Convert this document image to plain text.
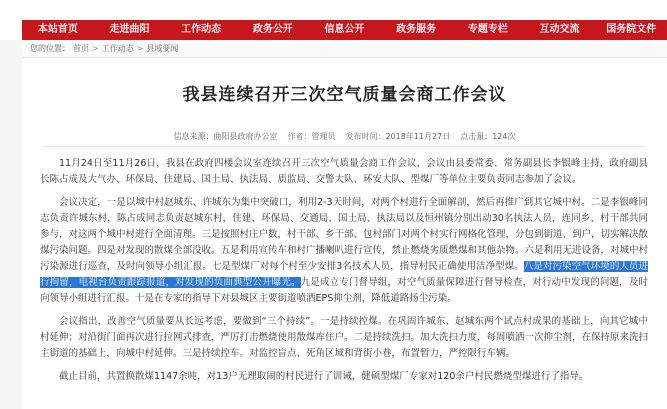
本站首页	走进曲阳	工作动态	政务公开	信息公开	政务服务	专题专栏	互动交流	国务院文件
您的位置： 首页 > 工作动态 > 县域要闻
我县连续召开三次空气质量会商工作会议
信息来源： 曲阳县政府办公室 作者： 管理员 发布时间： 2018年11月27日 点击量： 124次

11月24日至11月26日，我县在政府四楼会议室连续召开三次空气质量会商工作会议，会议由县委常委、常务副县长李银峰主持，政府副县长陈占成及大气办、环保局、住建局、国土局、执法局、质监局、交警大队、环安大队、型煤厂等单位主要负责同志参加了会议。

会议决定，一是以城中村赵城东、许城东为集中突破口，利用2-3天时间，对两个村进行全面解剖，然后再推广到其它城中村。二是李银峰同志负责许城东村，陈占成同志负责赵城东村，住建、环保局、交通局、国土局、执法局以及恒州镇分别出动30名执法人员，连同乡、村干部共同参与，对这两个城中村进行全面清理。三是按照村庄户数，村干部、乡干部、包村部门对两个村实行网格化管理，分包到街道、到户，切实解决散煤污染问题。四是对发现的散煤全部没收。五是利用宣传车和村广播喇叭进行宣传，禁止燃烧劣质燃煤和其他杂物。六是利用无进设备，对城中村污染源进行巡查，及时向领导小组汇报。七是型煤厂对每个村至少安排3名技术人员，指导村民正确使用洁净型煤。八是对污染空气环境的人员进行拘留，电视台负责跟踪报道，对发现的负面典型公开曝光。九是成立专门督导组，对空气质量保障进行督导检查，对行动中发现的问题，及时向领导小组进行汇报。十是在专家的指导下对县城区主要街道喷洒EPS抑尘剂，降低道路扬尘污染。

会议指出，改善空气质量要从长远考虑，要做到“三个持续”。一是持续控煤。在巩固许城东、赵城东两个试点村成果的基础上，向其它城中村延伸；对沿街门面再次进行拉网式排查，严厉打击燃烧使用散煤库住户。二是持续洗扫。加大洗扫力度，每周喷洒一次抑尘剂，在保持原来洗扫主街道的基础上，向城中村延伸。三是持续控车。对监控盲点、死角区域和背街小巷，布置暂力，严控限行车辆。

截止目前，共置换散煤1147余吨，对13户无理取闹的村民进行了训诫，健硕型煤厂专家对120余户村民燃烧型煤进行了指导。
